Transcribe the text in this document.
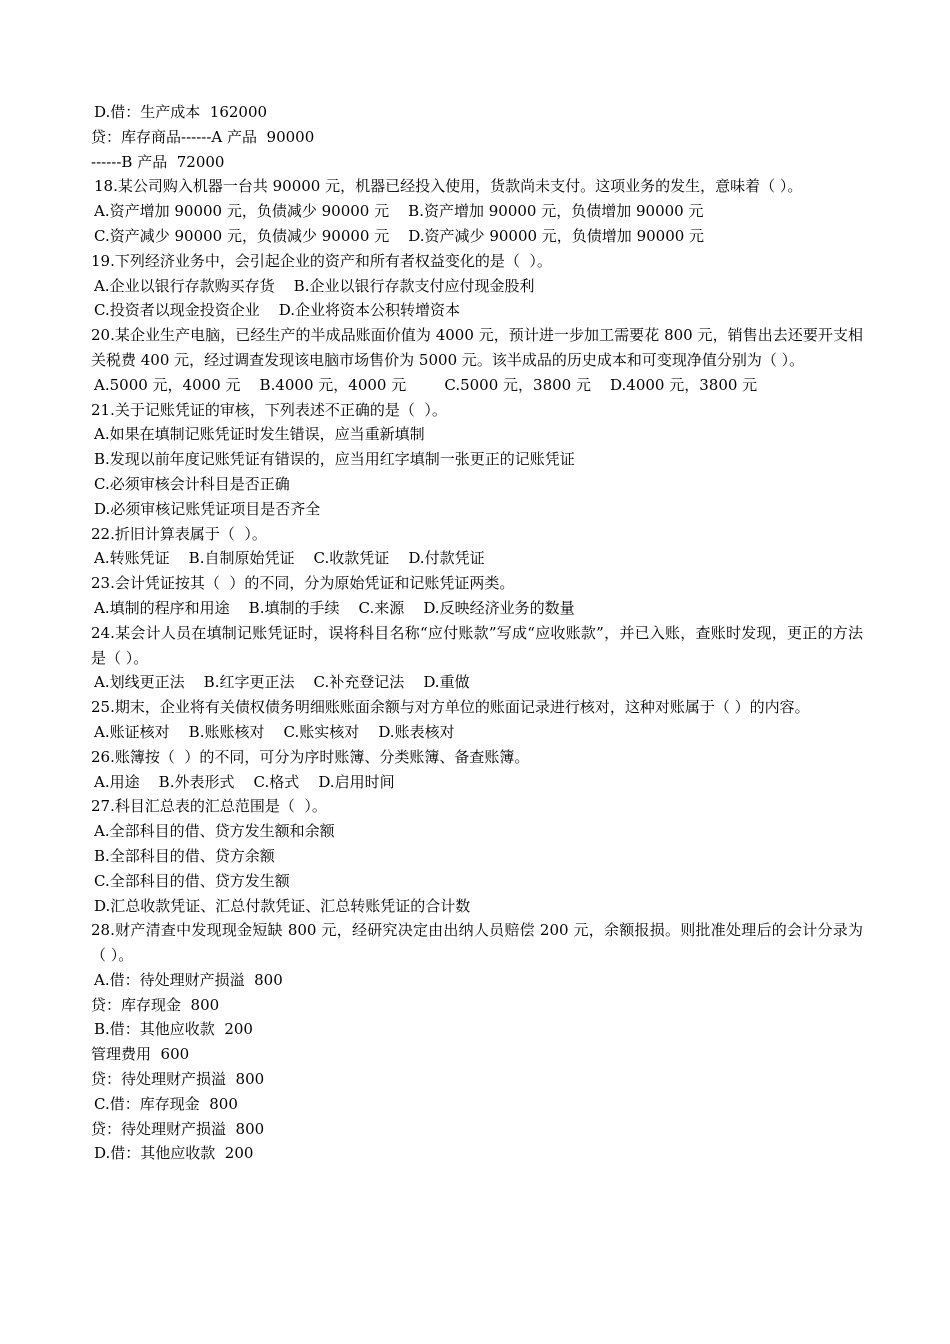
D.借：生产成本  162000

贷：库存商品------A 产品  90000

------B 产品  72000

18.某公司购入机器一台共 90000 元，机器已经投入使用，货款尚未支付。这项业务的发生，意味着（ ）。

A.资产增加 90000 元，负债减少 90000 元    B.资产增加 90000 元，负债增加 90000 元

C.资产减少 90000 元，负债减少 90000 元    D.资产减少 90000 元，负债增加 90000 元

19.下列经济业务中，会引起企业的资产和所有者权益变化的是（  ）。

A.企业以银行存款购买存货    B.企业以银行存款支付应付现金股利

C.投资者以现金投资企业    D.企业将资本公积转增资本

20.某企业生产电脑，已经生产的半成品账面价值为 4000 元，预计进一步加工需要花 800 元，销售出去还要开支相关税费 400 元，经过调查发现该电脑市场售价为 5000 元。该半成品的历史成本和可变现净值分别为（ ）。

A.5000 元，4000 元    B.4000 元，4000 元        C.5000 元，3800 元    D.4000 元，3800 元

21.关于记账凭证的审核，下列表述不正确的是（  ）。

A.如果在填制记账凭证时发生错误，应当重新填制

B.发现以前年度记账凭证有错误的，应当用红字填制一张更正的记账凭证

C.必须审核会计科目是否正确

D.必须审核记账凭证项目是否齐全

22.折旧计算表属于（  ）。

A.转账凭证    B.自制原始凭证    C.收款凭证    D.付款凭证

23.会计凭证按其（  ）的不同，分为原始凭证和记账凭证两类。

A.填制的程序和用途    B.填制的手续    C.来源    D.反映经济业务的数量

24.某会计人员在填制记账凭证时，误将科目名称“应付账款”写成“应收账款”，并已入账，查账时发现，更正的方法是（ ）。

A.划线更正法    B.红字更正法    C.补充登记法    D.重做

25.期末，企业将有关债权债务明细账账面余额与对方单位的账面记录进行核对，这种对账属于（ ）的内容。

A.账证核对    B.账账核对    C.账实核对    D.账表核对

26.账簿按（  ）的不同，可分为序时账簿、分类账簿、备查账簿。

A.用途    B.外表形式    C.格式    D.启用时间

27.科目汇总表的汇总范围是（  ）。

A.全部科目的借、贷方发生额和余额

B.全部科目的借、贷方余额

C.全部科目的借、贷方发生额

D.汇总收款凭证、汇总付款凭证、汇总转账凭证的合计数

28.财产清查中发现现金短缺 800 元，经研究决定由出纳人员赔偿 200 元，余额报损。则批准处理后的会计分录为（ ）。

A.借：待处理财产损溢  800

贷：库存现金  800

B.借：其他应收款  200

管理费用  600

贷：待处理财产损溢  800

C.借：库存现金  800

贷：待处理财产损溢  800

D.借：其他应收款  200
